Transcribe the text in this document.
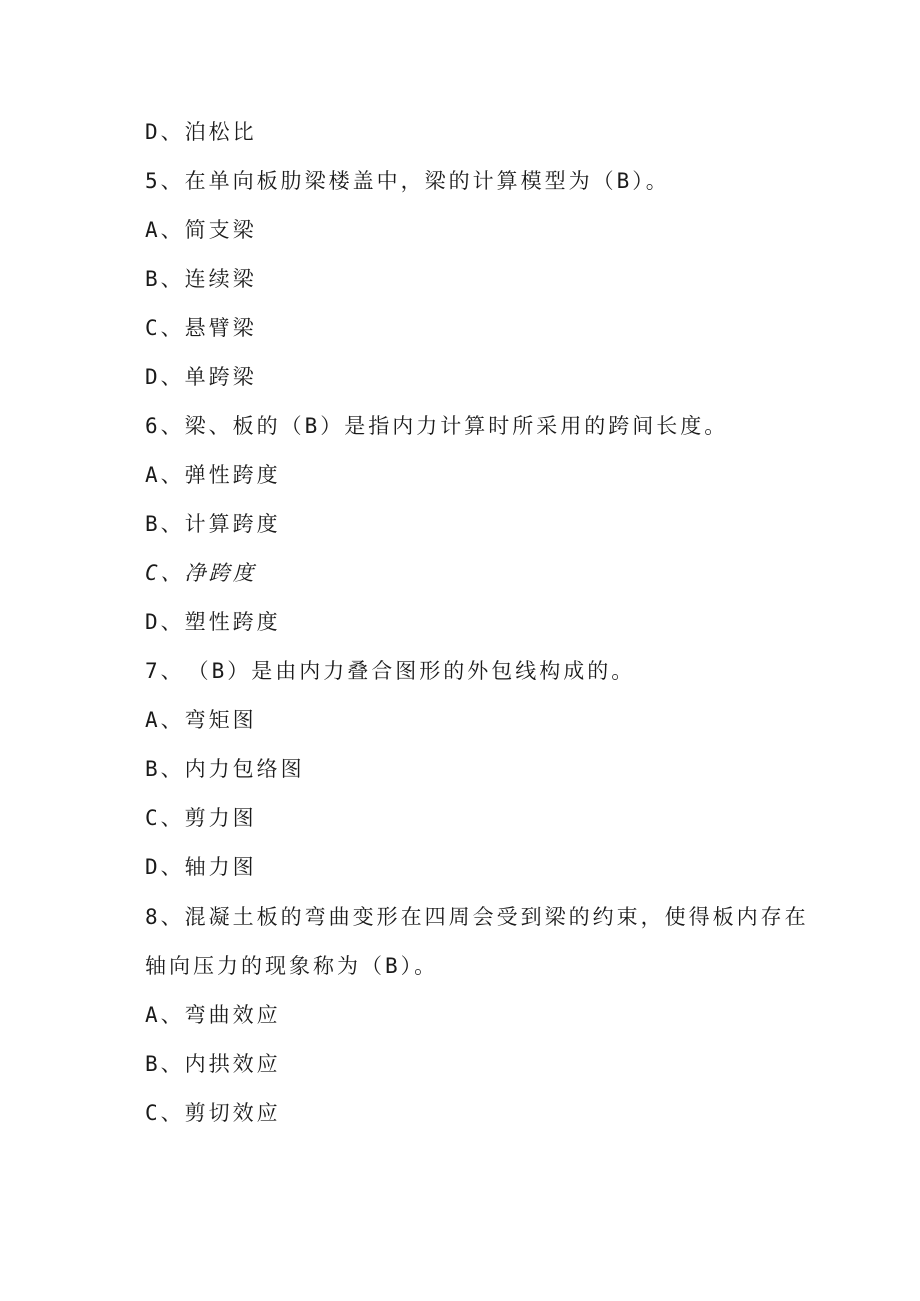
D、泊松比
5、在单向板肋梁楼盖中，梁的计算模型为（B）。
A、简支梁
B、连续梁
C、悬臂梁
D、单跨梁
6、梁、板的（B）是指内力计算时所采用的跨间长度。
A、弹性跨度
B、计算跨度
C、净跨度
D、塑性跨度
7、　（B）是由内力叠合图形的外包线构成的。
A、弯矩图
B、内力包络图
C、剪力图
D、轴力图
8、混凝土板的弯曲变形在四周会受到梁的约束，使得板内存在
轴向压力的现象称为（B）。
A、弯曲效应
B、内拱效应
C、剪切效应
